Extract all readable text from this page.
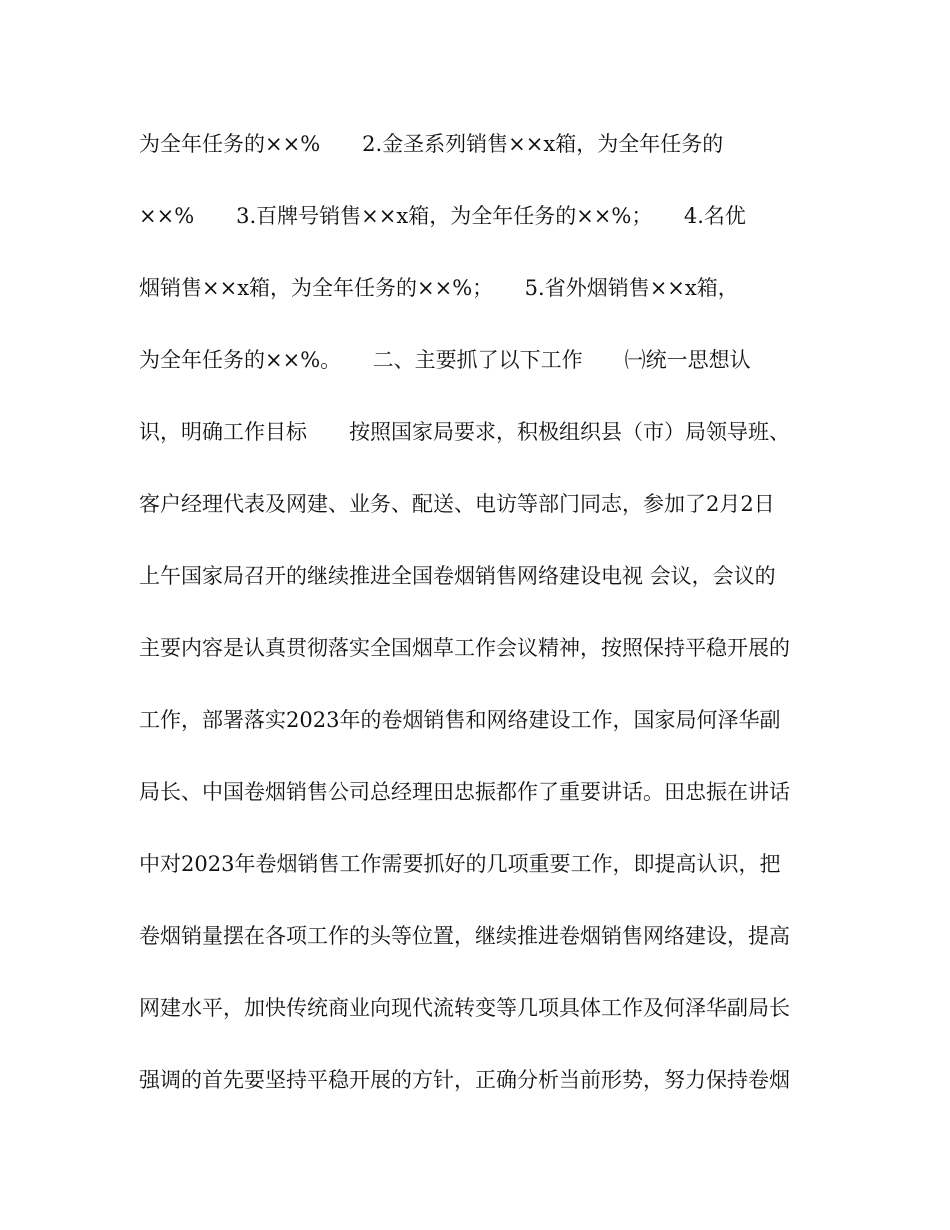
为全年任务的××%　　2.金圣系列销售××x箱，为全年任务的
××%　　3.百牌号销售××x箱，为全年任务的××%；　　4.名优
烟销售××x箱，为全年任务的××%；　　5.省外烟销售××x箱，
为全年任务的××%。　　二、主要抓了以下工作　　㈠统一思想认
识，明确工作目标　　按照国家局要求，积极组织县（市）局领导班、
客户经理代表及网建、业务、配送、电访等部门同志，参加了2月2日
上午国家局召开的继续推进全国卷烟销售网络建设电视 会议，会议的
主要内容是认真贯彻落实全国烟草工作会议精神，按照保持平稳开展的
工作，部署落实2023年的卷烟销售和网络建设工作，国家局何泽华副
局长、中国卷烟销售公司总经理田忠振都作了重要讲话。田忠振在讲话
中对2023年卷烟销售工作需要抓好的几项重要工作，即提高认识，把
卷烟销量摆在各项工作的头等位置，继续推进卷烟销售网络建设，提高
网建水平，加快传统商业向现代流转变等几项具体工作及何泽华副局长
强调的首先要坚持平稳开展的方针，正确分析当前形势，努力保持卷烟
